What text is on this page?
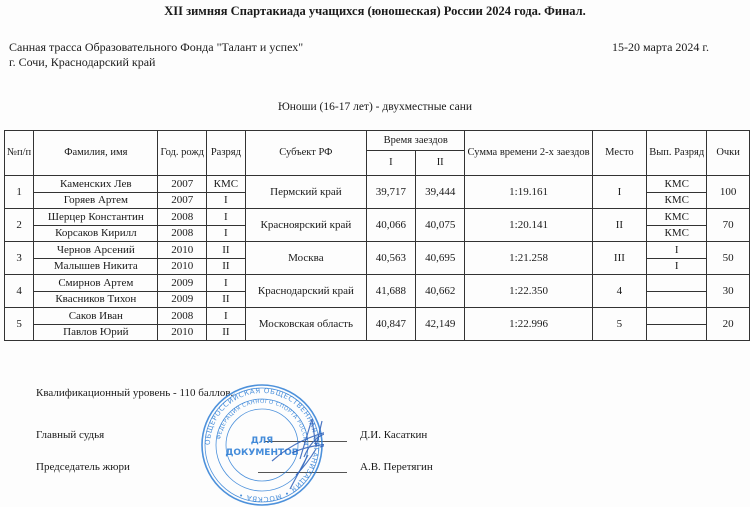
XII зимняя Спартакиада учащихся (юношеская) России 2024 года. Финал.
Санная трасса Образовательного Фонда "Талант и успех"
г. Сочи, Краснодарский край
15-20 марта 2024 г.
Юноши (16-17 лет) - двухместные сани
№п/п	Фамилия, имя	Год. рожд	Разряд	Субъект РФ	Время заездов		Сумма времени 2-х заездов	Место	Вып. Разряд	Очки
					I	II				
1	Каменских Лев	2007	КМС	Пермский край	39,717	39,444	1:19.161	I	КМС	100
	Горяев Артем	2007	I						КМС	
2	Шерцер Константин	2008	I	Красноярский край	40,066	40,075	1:20.141	II	КМС	70
	Корсаков Кирилл	2008	I						КМС	
3	Чернов Арсений	2010	II	Москва	40,563	40,695	1:21.258	III	I	50
	Малышев Никита	2010	II						I	
4	Смирнов Артем	2009	I	Краснодарский край	41,688	40,662	1:22.350	4		30
	Квасников Тихон	2009	II							
5	Саков Иван	2008	I	Московская область	40,847	42,149	1:22.996	5		20
	Павлов Юрий	2010	II							
Квалификационный уровень - 110 баллов.
Главный судья	Д.И. Касаткин
Председатель жюри	А.В. Перетягин
ОБЩЕРОССИЙСКАЯ ОБЩЕСТВЕННАЯ ОРГАНИЗАЦИЯ • МОСКВА •
ФЕДЕРАЦИЯ САННОГО СПОРТА РОССИИ
ДЛЯ
ДОКУМЕНТОВ
